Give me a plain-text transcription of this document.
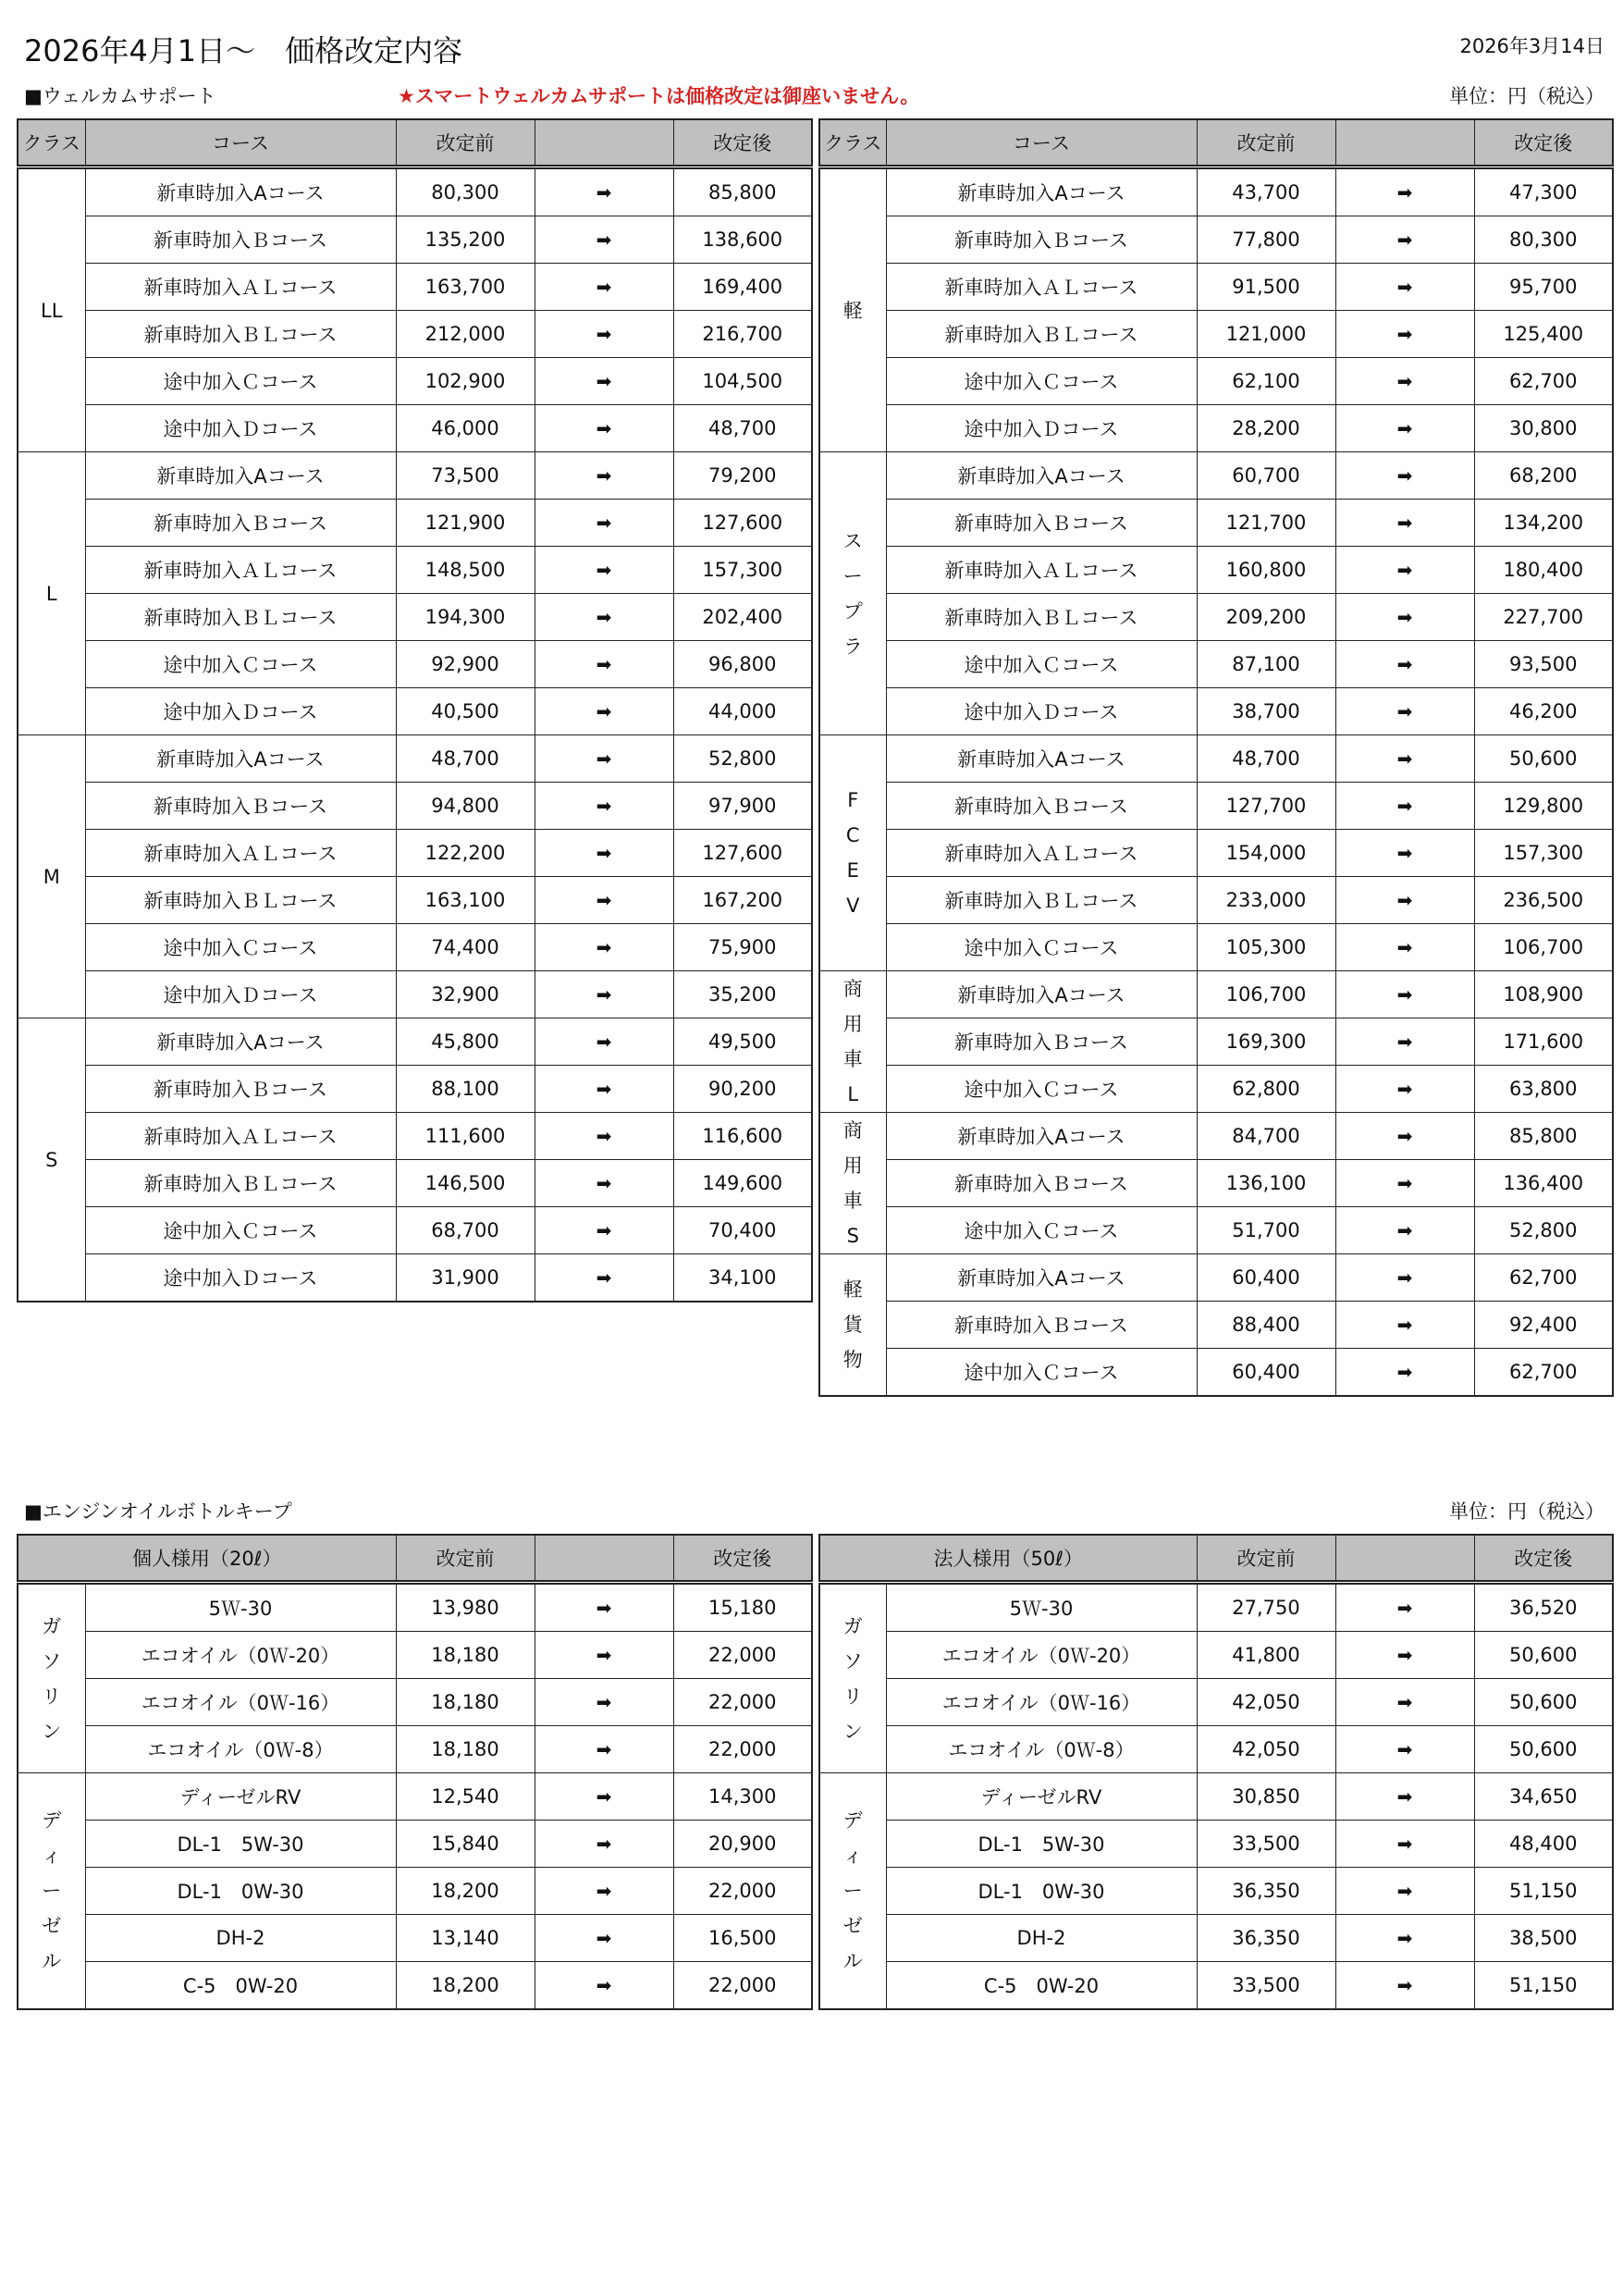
2026年4月1日～　価格改定内容	2026年3月14日
■ウェルカムサポート	★スマートウェルカムサポートは価格改定は御座いません。	単位：円（税込）
クラス	コース	改定前		改定後
LL	新車時加入Aコース	80,300	➡	85,800
	新車時加入Ｂコース	135,200	➡	138,600
	新車時加入ＡＬコース	163,700	➡	169,400
	新車時加入ＢＬコース	212,000	➡	216,700
	途中加入Ｃコース	102,900	➡	104,500
	途中加入Ｄコース	46,000	➡	48,700
L	新車時加入Aコース	73,500	➡	79,200
	新車時加入Ｂコース	121,900	➡	127,600
	新車時加入ＡＬコース	148,500	➡	157,300
	新車時加入ＢＬコース	194,300	➡	202,400
	途中加入Ｃコース	92,900	➡	96,800
	途中加入Ｄコース	40,500	➡	44,000
M	新車時加入Aコース	48,700	➡	52,800
	新車時加入Ｂコース	94,800	➡	97,900
	新車時加入ＡＬコース	122,200	➡	127,600
	新車時加入ＢＬコース	163,100	➡	167,200
	途中加入Ｃコース	74,400	➡	75,900
	途中加入Ｄコース	32,900	➡	35,200
S	新車時加入Aコース	45,800	➡	49,500
	新車時加入Ｂコース	88,100	➡	90,200
	新車時加入ＡＬコース	111,600	➡	116,600
	新車時加入ＢＬコース	146,500	➡	149,600
	途中加入Ｃコース	68,700	➡	70,400
	途中加入Ｄコース	31,900	➡	34,100
クラス	コース	改定前		改定後
軽	新車時加入Aコース	43,700	➡	47,300
	新車時加入Ｂコース	77,800	➡	80,300
	新車時加入ＡＬコース	91,500	➡	95,700
	新車時加入ＢＬコース	121,000	➡	125,400
	途中加入Ｃコース	62,100	➡	62,700
	途中加入Ｄコース	28,200	➡	30,800
スープラ	新車時加入Aコース	60,700	➡	68,200
	新車時加入Ｂコース	121,700	➡	134,200
	新車時加入ＡＬコース	160,800	➡	180,400
	新車時加入ＢＬコース	209,200	➡	227,700
	途中加入Ｃコース	87,100	➡	93,500
	途中加入Ｄコース	38,700	➡	46,200
FCEV	新車時加入Aコース	48,700	➡	50,600
	新車時加入Ｂコース	127,700	➡	129,800
	新車時加入ＡＬコース	154,000	➡	157,300
	新車時加入ＢＬコース	233,000	➡	236,500
	途中加入Ｃコース	105,300	➡	106,700
商用車L	新車時加入Aコース	106,700	➡	108,900
	新車時加入Ｂコース	169,300	➡	171,600
	途中加入Ｃコース	62,800	➡	63,800
商用車S	新車時加入Aコース	84,700	➡	85,800
	新車時加入Ｂコース	136,100	➡	136,400
	途中加入Ｃコース	51,700	➡	52,800
軽貨物	新車時加入Aコース	60,400	➡	62,700
	新車時加入Ｂコース	88,400	➡	92,400
	途中加入Ｃコース	60,400	➡	62,700
■エンジンオイルボトルキープ	単位：円（税込）
個人様用（20ℓ）		改定前		改定後
ガソリン	5Ｗ-30	13,980	➡	15,180
	エコオイル（0Ｗ-20）	18,180	➡	22,000
	エコオイル（0Ｗ-16）	18,180	➡	22,000
	エコオイル（0Ｗ-8）	18,180	➡	22,000
ディーゼル	ディーゼルRV	12,540	➡	14,300
	DL-1　5W-30	15,840	➡	20,900
	DL-1　0W-30	18,200	➡	22,000
	DH-2	13,140	➡	16,500
	C-5　0W-20	18,200	➡	22,000
法人様用（50ℓ）		改定前		改定後
ガソリン	5Ｗ-30	27,750	➡	36,520
	エコオイル（0Ｗ-20）	41,800	➡	50,600
	エコオイル（0Ｗ-16）	42,050	➡	50,600
	エコオイル（0Ｗ-8）	42,050	➡	50,600
ディーゼル	ディーゼルRV	30,850	➡	34,650
	DL-1　5W-30	33,500	➡	48,400
	DL-1　0W-30	36,350	➡	51,150
	DH-2	36,350	➡	38,500
	C-5　0W-20	33,500	➡	51,150
